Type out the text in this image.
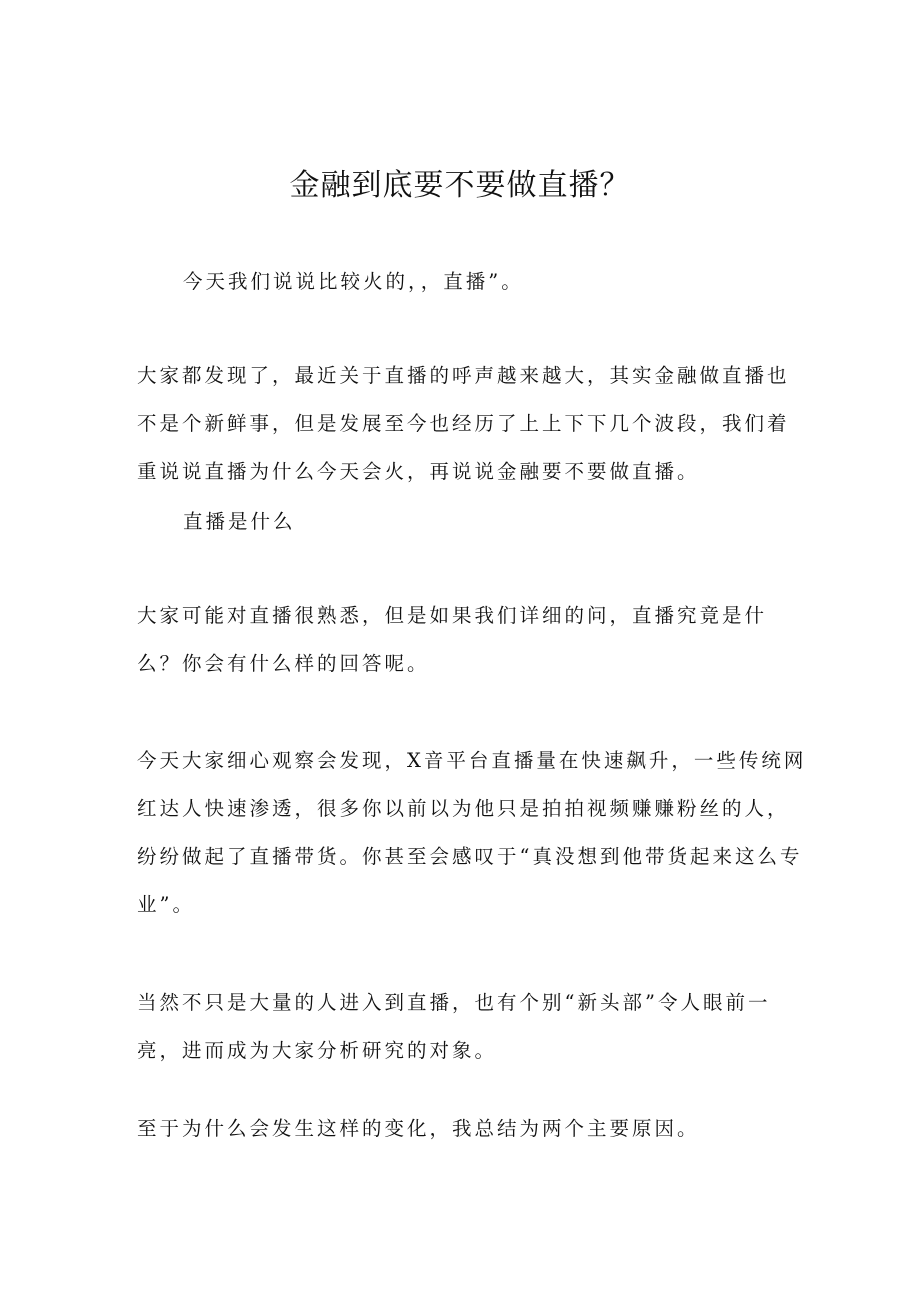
金融到底要不要做直播？

今天我们说说比较火的，，直播”。

大家都发现了，最近关于直播的呼声越来越大，其实金融做直播也不是个新鲜事，但是发展至今也经历了上上下下几个波段，我们着重说说直播为什么今天会火，再说说金融要不要做直播。

直播是什么

大家可能对直播很熟悉，但是如果我们详细的问，直播究竟是什么？你会有什么样的回答呢。

今天大家细心观察会发现，X音平台直播量在快速飙升，一些传统网红达人快速渗透，很多你以前以为他只是拍拍视频赚赚粉丝的人，纷纷做起了直播带货。你甚至会感叹于“真没想到他带货起来这么专业”。

当然不只是大量的人进入到直播，也有个别“新头部”令人眼前一亮，进而成为大家分析研究的对象。

至于为什么会发生这样的变化，我总结为两个主要原因。
